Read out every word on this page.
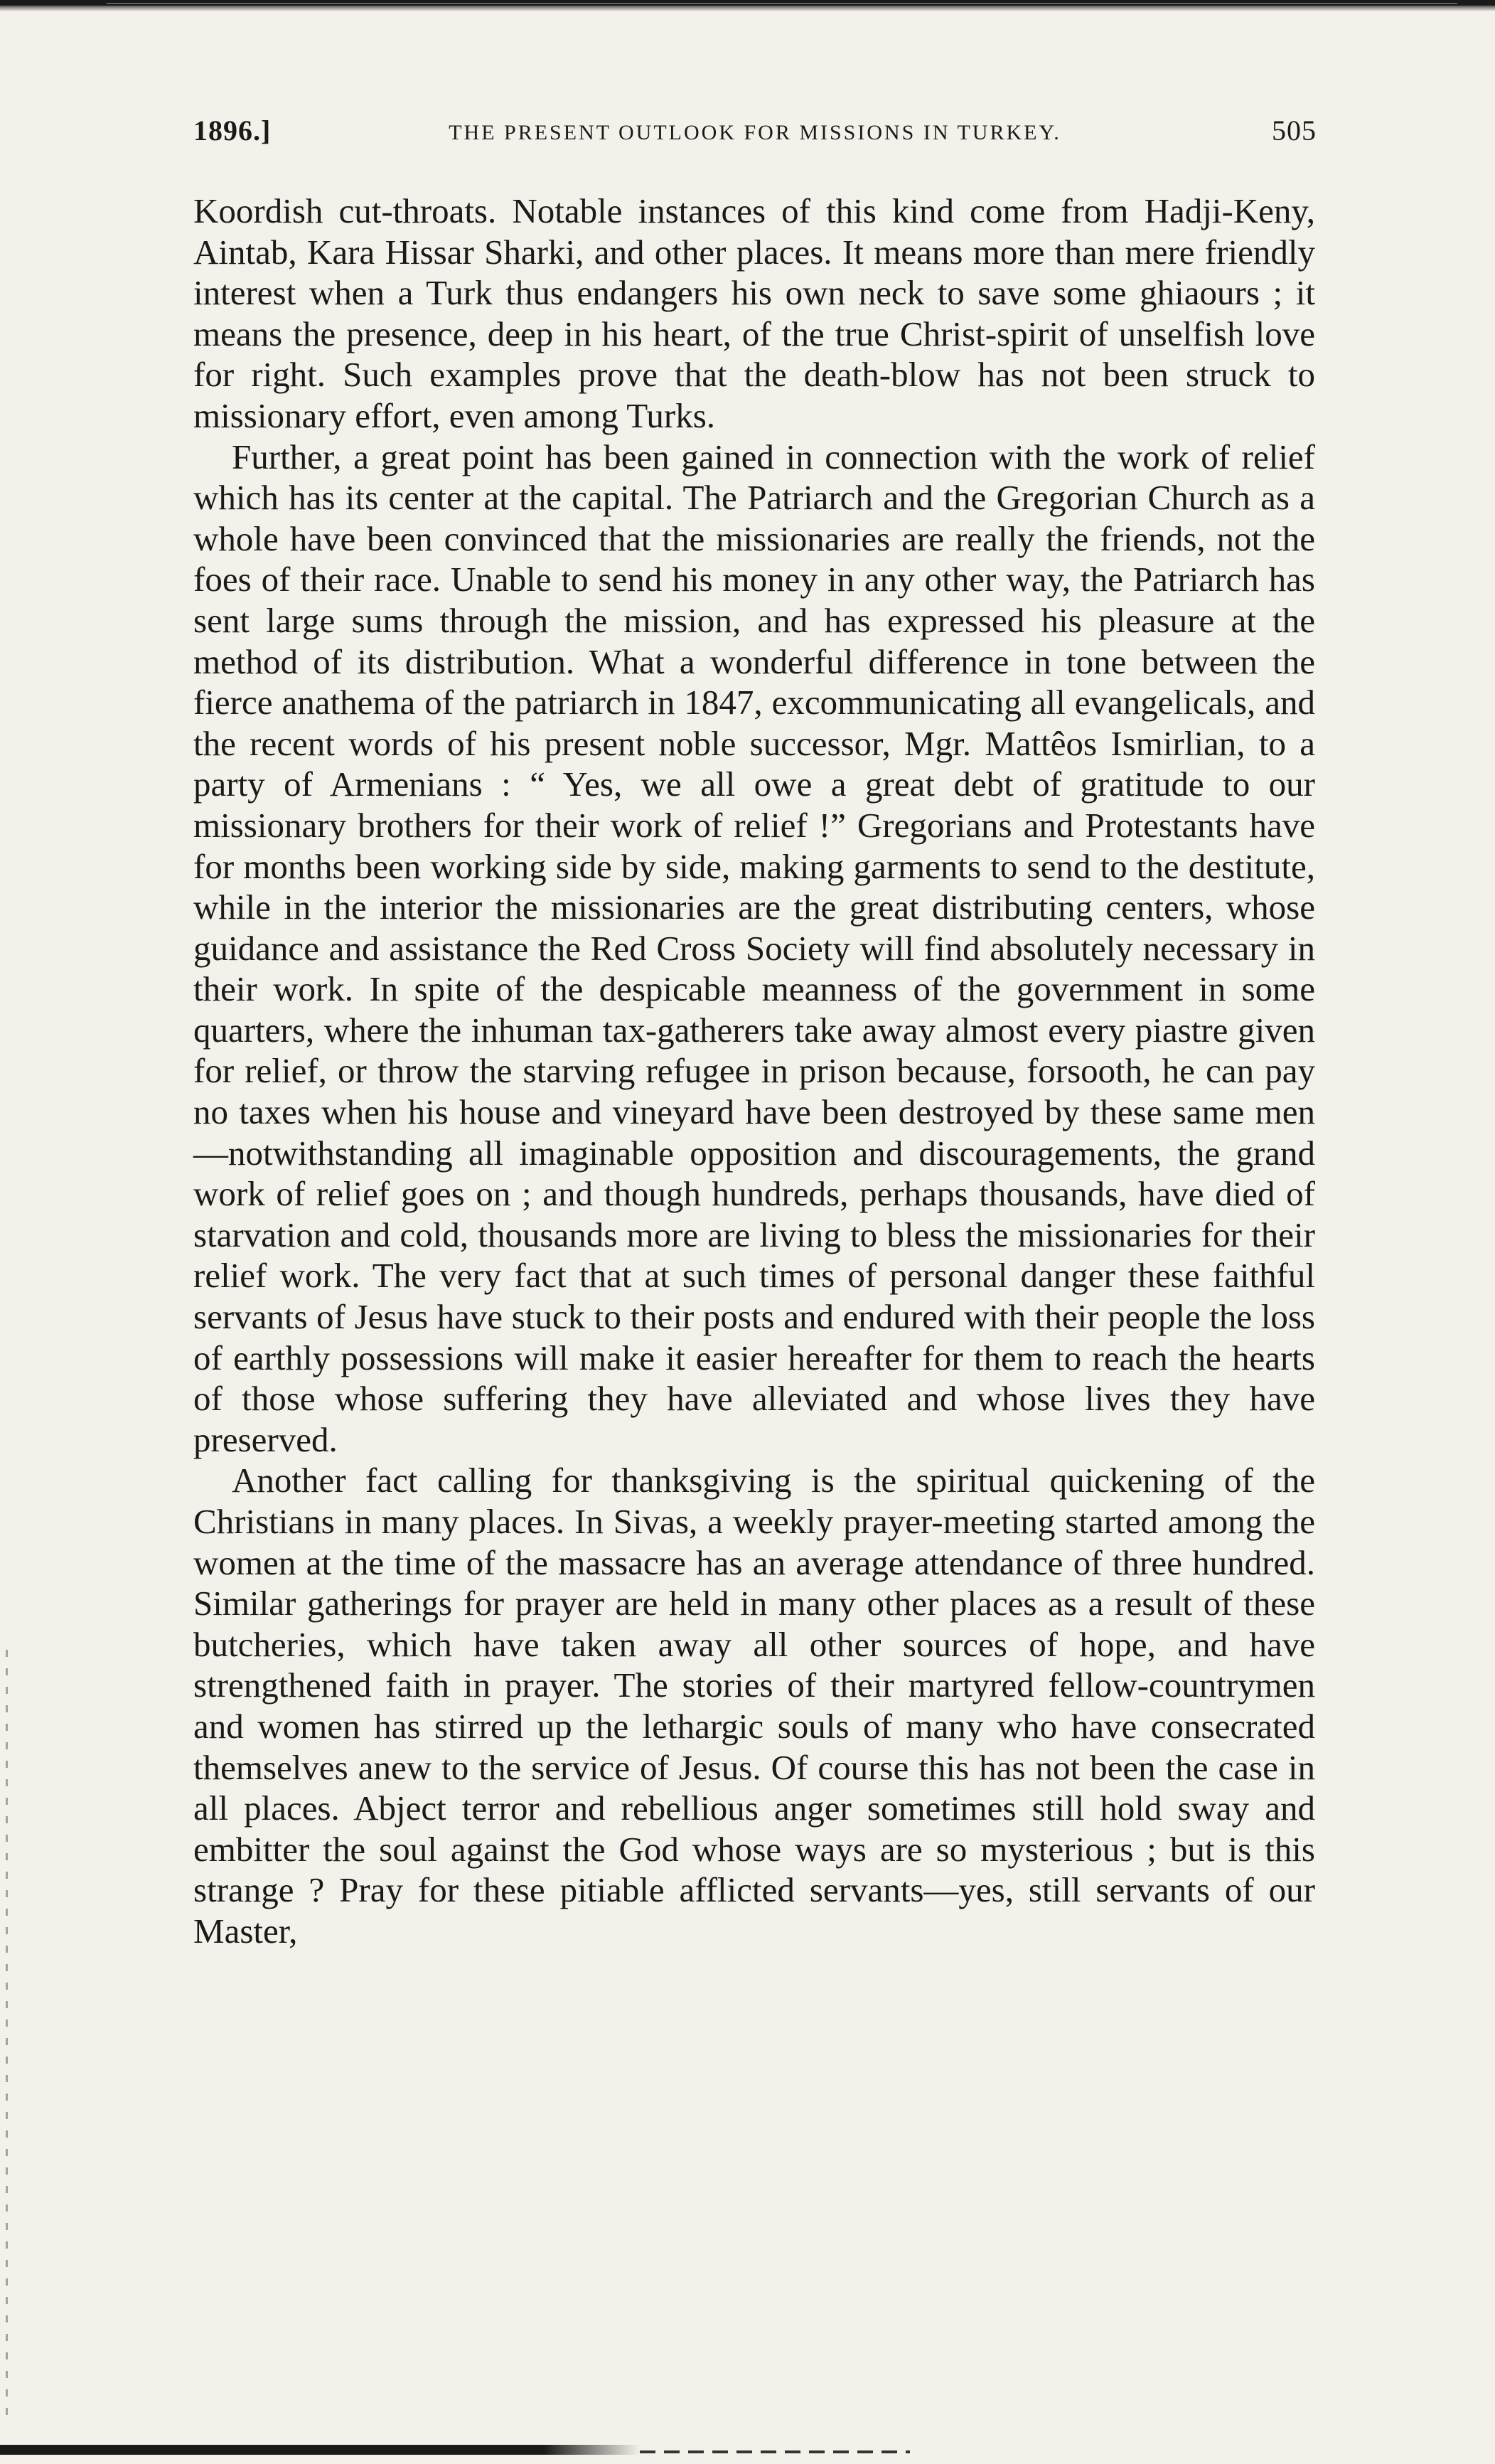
1896.]	THE PRESENT OUTLOOK FOR MISSIONS IN TURKEY.	505

Koordish cut-throats. Notable instances of this kind come from Hadji-Keny, Aintab, Kara Hissar Sharki, and other places. It means more than mere friendly interest when a Turk thus endangers his own neck to save some ghiaours ; it means the presence, deep in his heart, of the true Christ-spirit of unselfish love for right. Such examples prove that the death-blow has not been struck to missionary effort, even among Turks.

Further, a great point has been gained in connection with the work of relief which has its center at the capital. The Patriarch and the Gregorian Church as a whole have been convinced that the missionaries are really the friends, not the foes of their race. Unable to send his money in any other way, the Patriarch has sent large sums through the mission, and has expressed his pleasure at the method of its distribution. What a wonderful difference in tone between the fierce anathema of the patriarch in 1847, excommunicating all evangelicals, and the recent words of his present noble successor, Mgr. Mattêos Ismirlian, to a party of Armenians : “ Yes, we all owe a great debt of gratitude to our missionary brothers for their work of relief !” Gregorians and Protestants have for months been working side by side, making garments to send to the destitute, while in the interior the missionaries are the great distributing centers, whose guidance and assistance the Red Cross Society will find absolutely necessary in their work. In spite of the despicable meanness of the government in some quarters, where the inhuman tax-gatherers take away almost every piastre given for relief, or throw the starving refugee in prison because, forsooth, he can pay no taxes when his house and vineyard have been destroyed by these same men—notwithstanding all imaginable opposition and discouragements, the grand work of relief goes on ; and though hundreds, perhaps thousands, have died of starvation and cold, thousands more are living to bless the missionaries for their relief work. The very fact that at such times of personal danger these faithful servants of Jesus have stuck to their posts and endured with their people the loss of earthly possessions will make it easier hereafter for them to reach the hearts of those whose suffering they have alleviated and whose lives they have preserved.

Another fact calling for thanksgiving is the spiritual quickening of the Christians in many places. In Sivas, a weekly prayer-meeting started among the women at the time of the massacre has an average attendance of three hundred. Similar gatherings for prayer are held in many other places as a result of these butcheries, which have taken away all other sources of hope, and have strengthened faith in prayer. The stories of their martyred fellow-countrymen and women has stirred up the lethargic souls of many who have consecrated themselves anew to the service of Jesus. Of course this has not been the case in all places. Abject terror and rebellious anger sometimes still hold sway and embitter the soul against the God whose ways are so mysterious ; but is this strange ? Pray for these pitiable afflicted servants—yes, still servants of our Master,
